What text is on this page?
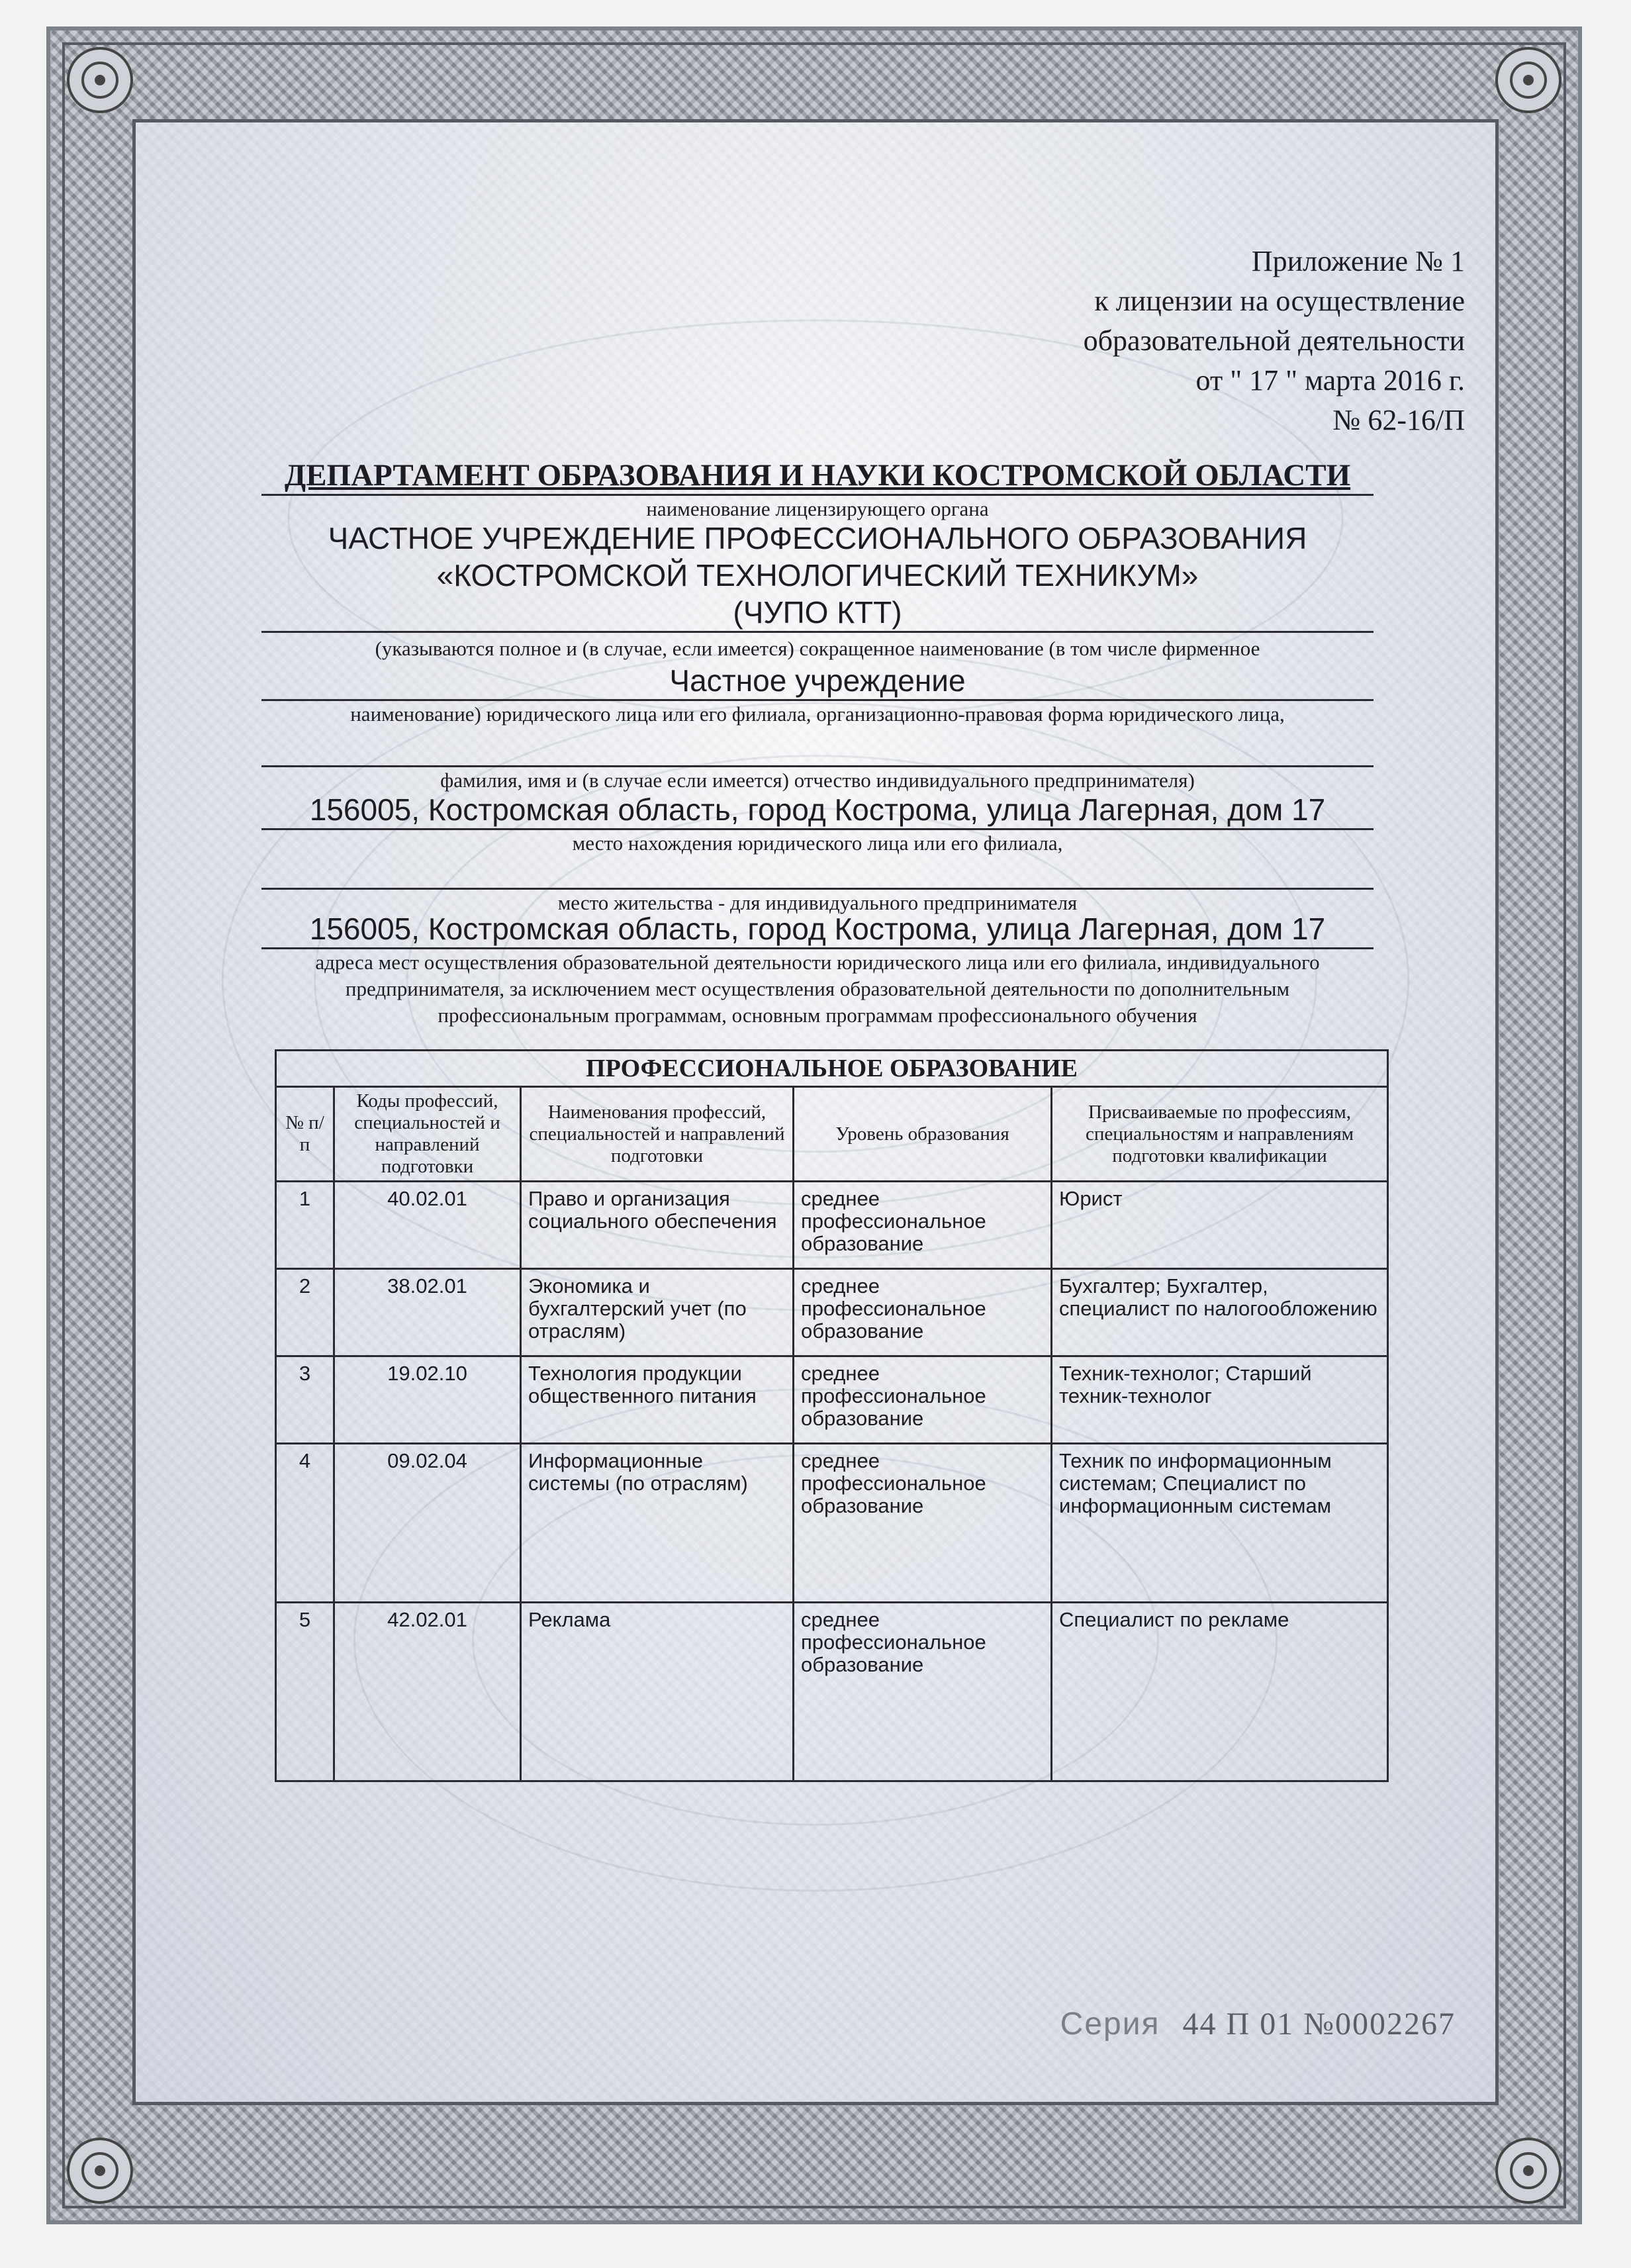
Приложение № 1
к лицензии на осуществление
образовательной деятельности
от " 17 " марта 2016 г.
№ 62-16/П
ДЕПАРТАМЕНТ ОБРАЗОВАНИЯ И НАУКИ КОСТРОМСКОЙ ОБЛАСТИ
наименование лицензирующего органа
ЧАСТНОЕ УЧРЕЖДЕНИЕ ПРОФЕССИОНАЛЬНОГО ОБРАЗОВАНИЯ
«КОСТРОМСКОЙ ТЕХНОЛОГИЧЕСКИЙ ТЕХНИКУМ»
(ЧУПО КТТ)
(указываются полное и (в случае, если имеется) сокращенное наименование (в том числе фирменное
Частное учреждение
наименование) юридического лица или его филиала, организационно-правовая форма юридического лица,
фамилия, имя и (в случае если имеется) отчество индивидуального предпринимателя)
156005, Костромская область, город Кострома, улица Лагерная, дом 17
место нахождения юридического лица или его филиала,
место жительства - для индивидуального предпринимателя
156005, Костромская область, город Кострома, улица Лагерная, дом 17
адреса мест осуществления образовательной деятельности юридического лица или его филиала, индивидуального
предпринимателя, за исключением мест осуществления образовательной деятельности по дополнительным
профессиональным программам, основным программам профессионального обучения
ПРОФЕССИОНАЛЬНОЕ ОБРАЗОВАНИЕ				
№ п/п	Коды профессий, специальностей и направлений подготовки	Наименования профессий, специальностей и направлений подготовки	Уровень образования	Присваиваемые по профессиям, специальностям и направлениям подготовки квалификации
1	40.02.01	Право и организация социального обеспечения	среднее профессиональное образование	Юрист
2	38.02.01	Экономика и бухгалтерский учет (по отраслям)	среднее профессиональное образование	Бухгалтер; Бухгалтер, специалист по налогообложению
3	19.02.10	Технология продукции общественного питания	среднее профессиональное образование	Техник-технолог; Старший техник-технолог
4	09.02.04	Информационные системы (по отраслям)	среднее профессиональное образование	Техник по информационным системам; Специалист по информационным системам
5	42.02.01	Реклама	среднее профессиональное образование	Специалист по рекламе
Серия 44 П 01 №0002267
